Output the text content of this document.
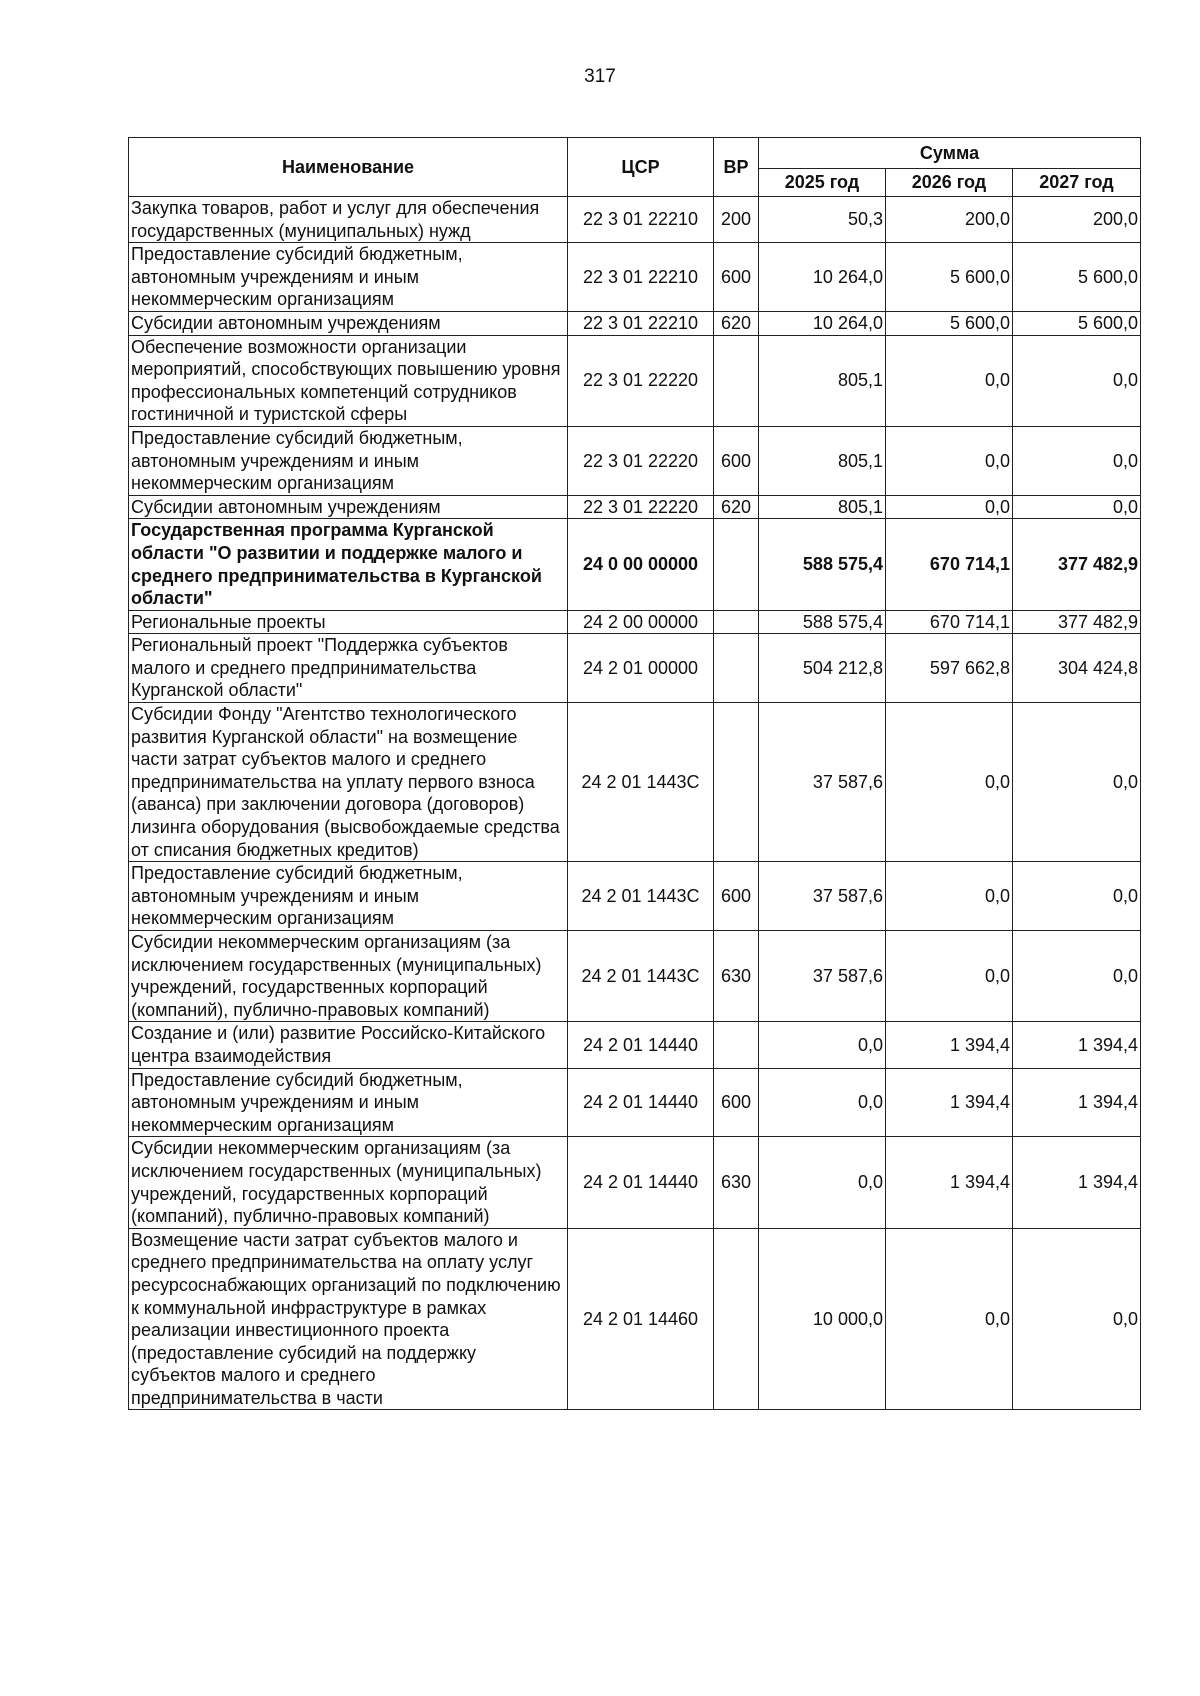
317
Наименование	ЦСР	ВР	Сумма		
			2025 год	2026 год	2027 год
Закупка товаров, работ и услуг для обеспечения государственных (муниципальных) нужд	22 3 01 22210	200	50,3	200,0	200,0
Предоставление субсидий бюджетным, автономным учреждениям и иным некоммерческим организациям	22 3 01 22210	600	10 264,0	5 600,0	5 600,0
Субсидии автономным учреждениям	22 3 01 22210	620	10 264,0	5 600,0	5 600,0
Обеспечение возможности организации мероприятий, способствующих повышению уровня профессиональных компетенций сотрудников гостиничной и туристской сферы	22 3 01 22220		805,1	0,0	0,0
Предоставление субсидий бюджетным, автономным учреждениям и иным некоммерческим организациям	22 3 01 22220	600	805,1	0,0	0,0
Субсидии автономным учреждениям	22 3 01 22220	620	805,1	0,0	0,0
Государственная программа Курганской области "О развитии и поддержке малого и среднего предпринимательства в Курганской области"	24 0 00 00000		588 575,4	670 714,1	377 482,9
Региональные проекты	24 2 00 00000		588 575,4	670 714,1	377 482,9
Региональный проект "Поддержка субъектов малого и среднего предпринимательства Курганской области"	24 2 01 00000		504 212,8	597 662,8	304 424,8
Субсидии Фонду "Агентство технологического развития Курганской области" на возмещение части затрат субъектов малого и среднего предпринимательства на уплату первого взноса (аванса) при заключении договора (договоров) лизинга оборудования (высвобождаемые средства от списания бюджетных кредитов)	24 2 01 1443С		37 587,6	0,0	0,0
Предоставление субсидий бюджетным, автономным учреждениям и иным некоммерческим организациям	24 2 01 1443С	600	37 587,6	0,0	0,0
Субсидии некоммерческим организациям (за исключением государственных (муниципальных) учреждений, государственных корпораций (компаний), публично-правовых компаний)	24 2 01 1443С	630	37 587,6	0,0	0,0
Создание и (или) развитие Российско-Китайского центра взаимодействия	24 2 01 14440		0,0	1 394,4	1 394,4
Предоставление субсидий бюджетным, автономным учреждениям и иным некоммерческим организациям	24 2 01 14440	600	0,0	1 394,4	1 394,4
Субсидии некоммерческим организациям (за исключением государственных (муниципальных) учреждений, государственных корпораций (компаний), публично-правовых компаний)	24 2 01 14440	630	0,0	1 394,4	1 394,4
Возмещение части затрат субъектов малого и среднего предпринимательства на оплату услуг ресурсоснабжающих организаций по подключению к коммунальной инфраструктуре в рамках реализации инвестиционного проекта (предоставление субсидий на поддержку субъектов малого и среднего предпринимательства в части	24 2 01 14460		10 000,0	0,0	0,0
